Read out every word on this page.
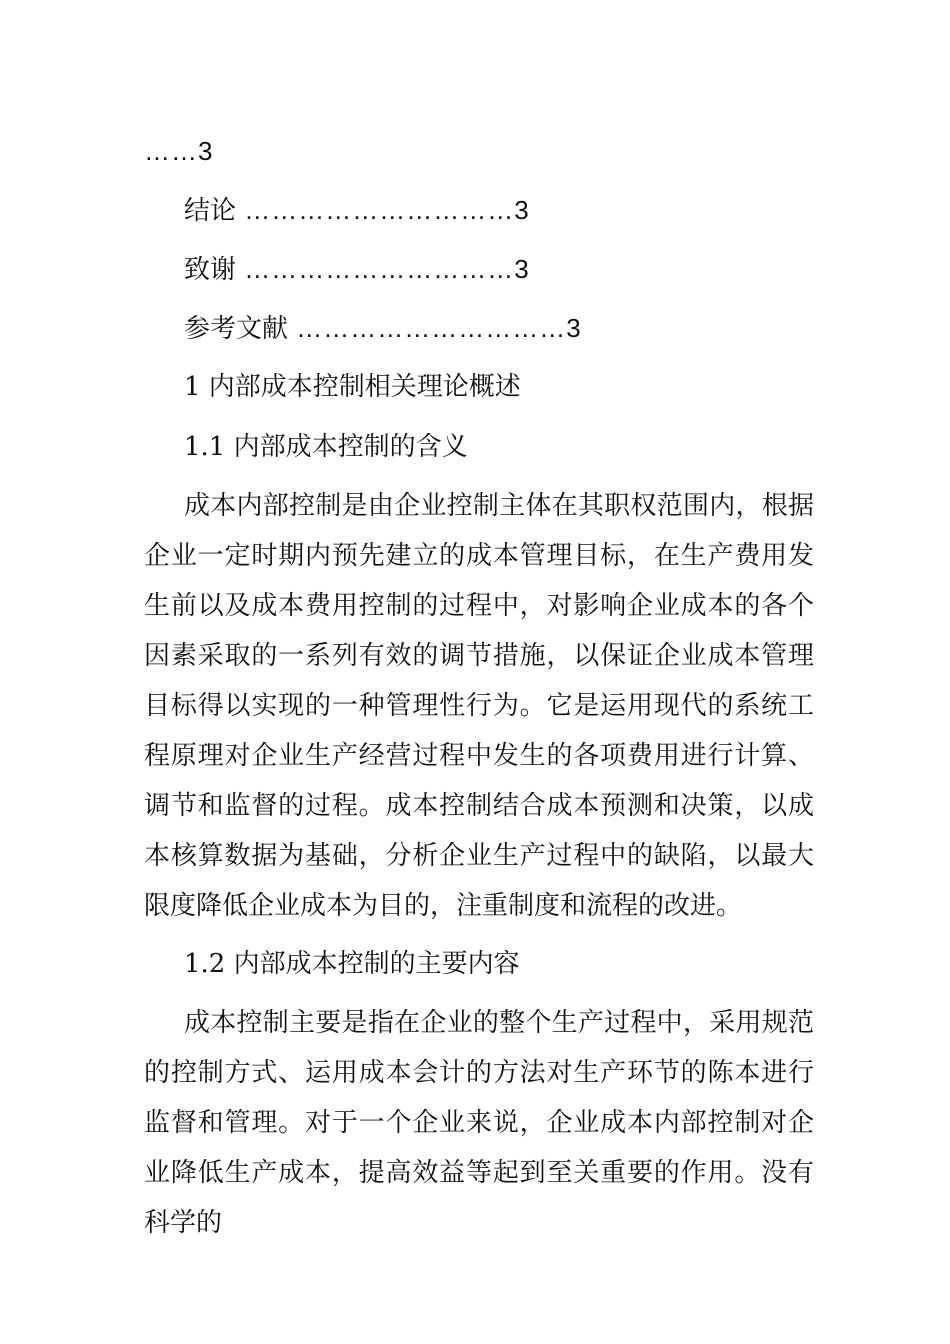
……3
结论 …………………………3
致谢 …………………………3
参考文献 …………………………3
1 内部成本控制相关理论概述
1.1 内部成本控制的含义
成本内部控制是由企业控制主体在其职权范围内，根据企业一定时期内预先建立的成本管理目标，在生产费用发生前以及成本费用控制的过程中，对影响企业成本的各个因素采取的一系列有效的调节措施，以保证企业成本管理目标得以实现的一种管理性行为。它是运用现代的系统工程原理对企业生产经营过程中发生的各项费用进行计算、调节和监督的过程。成本控制结合成本预测和决策，以成本核算数据为基础，分析企业生产过程中的缺陷，以最大限度降低企业成本为目的，注重制度和流程的改进。
1.2 内部成本控制的主要内容
成本控制主要是指在企业的整个生产过程中，采用规范的控制方式、运用成本会计的方法对生产环节的陈本进行监督和管理。对于一个企业来说，企业成本内部控制对企业降低生产成本，提高效益等起到至关重要的作用。没有科学的
